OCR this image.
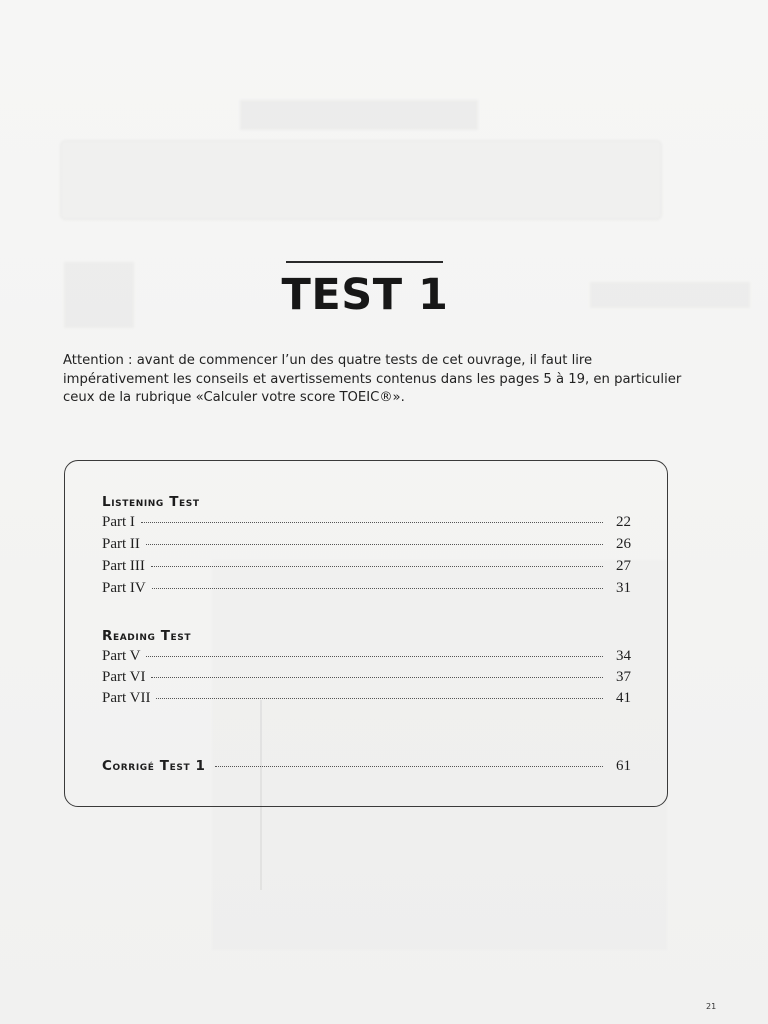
TEST 1

Attention : avant de commencer l’un des quatre tests de cet ouvrage, il faut lire impérativement les conseils et avertissements contenus dans les pages 5 à 19, en particulier ceux de la rubrique «Calculer votre score TOEIC®».

Listening Test
Part I	22
Part II	26
Part III	27
Part IV	31
Reading Test
Part V	34
Part VI	37
Part VII	41
Corrigé Test 1	61
21
